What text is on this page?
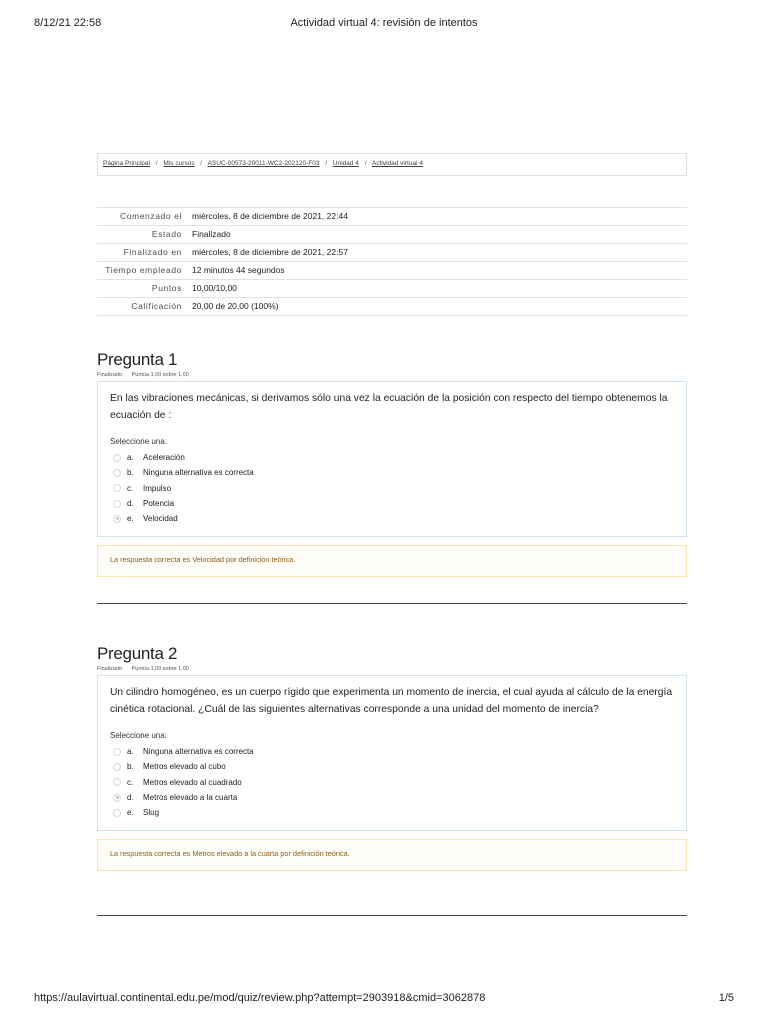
8/12/21 22:58	Actividad virtual 4: revisión de intentos
Página Principal / Mis cursos / ASUC-00573-20011-WC2-202120-F03 / Unidad 4 / Actividad virtual 4
Comenzado el	miércoles, 8 de diciembre de 2021, 22:44
Estado	Finalizado
Finalizado en	miércoles, 8 de diciembre de 2021, 22:57
Tiempo empleado	12 minutos 44 segundos
Puntos	10,00/10,00
Calificación	20,00 de 20,00 (100%)
Pregunta 1
Finalizado Puntúa 1,00 sobre 1,00

En las vibraciones mecánicas, si derivamos sólo una vez la ecuación de la posición con respecto del tiempo obtenemos la ecuación de :

Seleccione una:

a.	Aceleración
b.	Ninguna alternativa es correcta
c.	Impulso
d.	Potencia
e.	Velocidad
La respuesta correcta es Velocidad por definición teórica.
Pregunta 2
Finalizado Puntúa 1,00 sobre 1,00

Un cilindro homogéneo, es un cuerpo rígido que experimenta un momento de inercia, el cual ayuda al cálculo de la energía cinética rotacional. ¿Cuál de las siguientes alternativas corresponde a una unidad del momento de inercia?

Seleccione una:

a.	Ninguna alternativa es correcta
b.	Metros elevado al cubo
c.	Metros elevado al cuadrado
d.	Metros elevado a la cuarta
e.	Slug
La respuesta correcta es Metros elevado a la cuarta por definición teórica.
https://aulavirtual.continental.edu.pe/mod/quiz/review.php?attempt=2903918&cmid=3062878	1/5
